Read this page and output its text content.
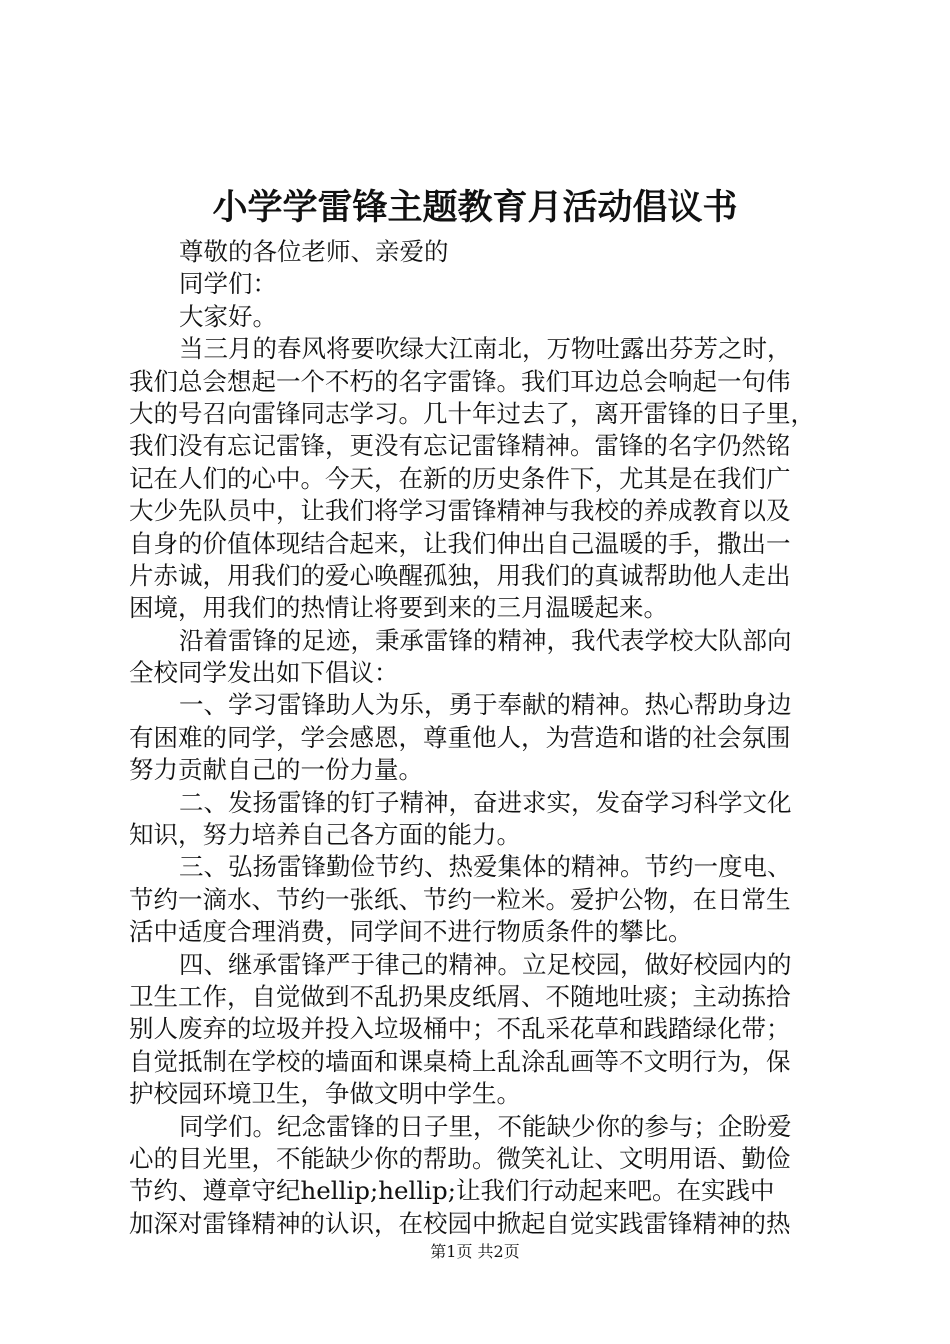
小学学雷锋主题教育月活动倡议书
尊敬的各位老师、亲爱的
同学们：
大家好。
当三月的春风将要吹绿大江南北，万物吐露出芬芳之时，
我们总会想起一个不朽的名字雷锋。我们耳边总会响起一句伟
大的号召向雷锋同志学习。几十年过去了，离开雷锋的日子里，
我们没有忘记雷锋，更没有忘记雷锋精神。雷锋的名字仍然铭
记在人们的心中。今天，在新的历史条件下，尤其是在我们广
大少先队员中，让我们将学习雷锋精神与我校的养成教育以及
自身的价值体现结合起来，让我们伸出自己温暖的手，撒出一
片赤诚，用我们的爱心唤醒孤独，用我们的真诚帮助他人走出
困境，用我们的热情让将要到来的三月温暖起来。
沿着雷锋的足迹，秉承雷锋的精神，我代表学校大队部向
全校同学发出如下倡议：
一、学习雷锋助人为乐，勇于奉献的精神。热心帮助身边
有困难的同学，学会感恩，尊重他人，为营造和谐的社会氛围
努力贡献自己的一份力量。
二、发扬雷锋的钉子精神，奋进求实，发奋学习科学文化
知识，努力培养自己各方面的能力。
三、弘扬雷锋勤俭节约、热爱集体的精神。节约一度电、
节约一滴水、节约一张纸、节约一粒米。爱护公物，在日常生
活中适度合理消费，同学间不进行物质条件的攀比。
四、继承雷锋严于律己的精神。立足校园，做好校园内的
卫生工作，自觉做到不乱扔果皮纸屑、不随地吐痰；主动拣拾
别人废弃的垃圾并投入垃圾桶中；不乱采花草和践踏绿化带；
自觉抵制在学校的墙面和课桌椅上乱涂乱画等不文明行为，保
护校园环境卫生，争做文明中学生。
同学们。纪念雷锋的日子里，不能缺少你的参与；企盼爱
心的目光里，不能缺少你的帮助。微笑礼让、文明用语、勤俭
节约、遵章守纪hellip;hellip;让我们行动起来吧。在实践中
加深对雷锋精神的认识，在校园中掀起自觉实践雷锋精神的热
第1页 共2页
